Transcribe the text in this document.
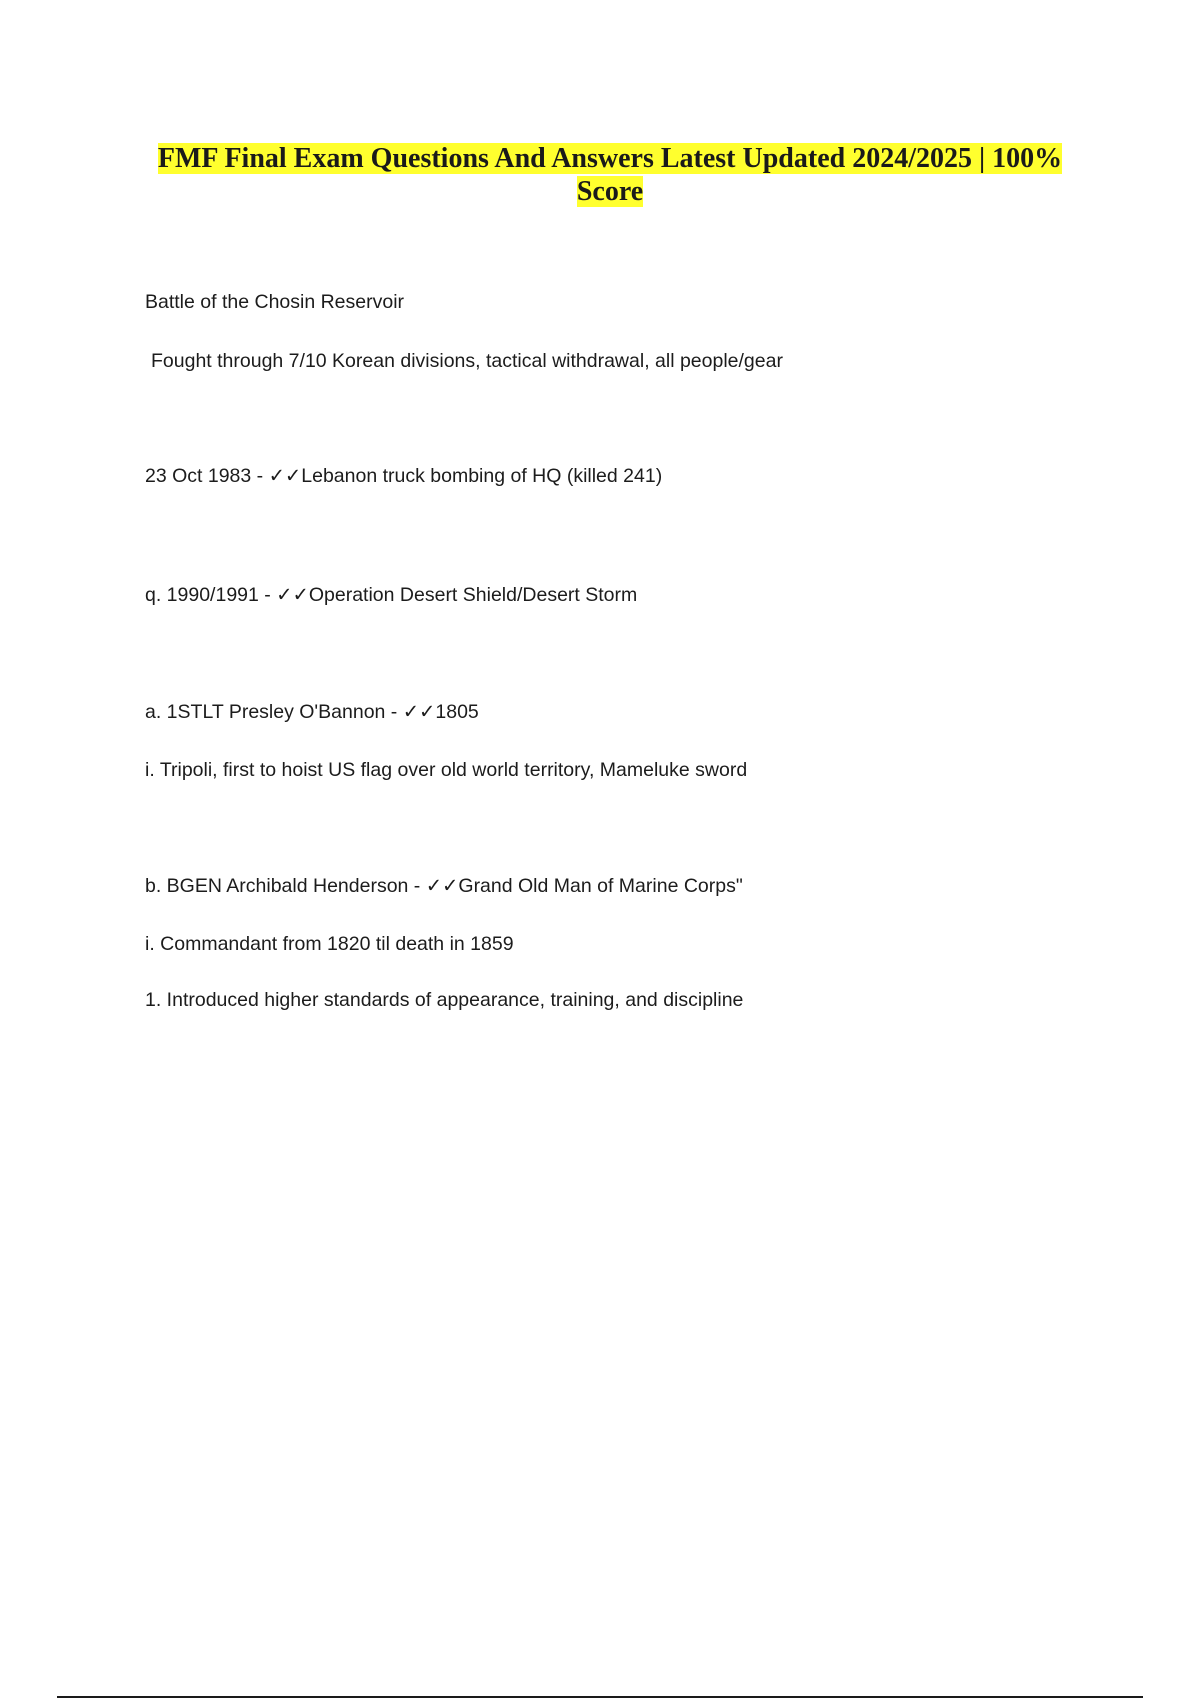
FMF Final Exam Questions And Answers Latest Updated 2024/2025 | 100% Score
Battle of the Chosin Reservoir
Fought through 7/10 Korean divisions, tactical withdrawal, all people/gear
23 Oct 1983 - ✓✓Lebanon truck bombing of HQ (killed 241)
q. 1990/1991 - ✓✓Operation Desert Shield/Desert Storm
a. 1STLT Presley O'Bannon - ✓✓1805
i. Tripoli, first to hoist US flag over old world territory, Mameluke sword
b. BGEN Archibald Henderson - ✓✓Grand Old Man of Marine Corps"
i. Commandant from 1820 til death in 1859
1. Introduced higher standards of appearance, training, and discipline
